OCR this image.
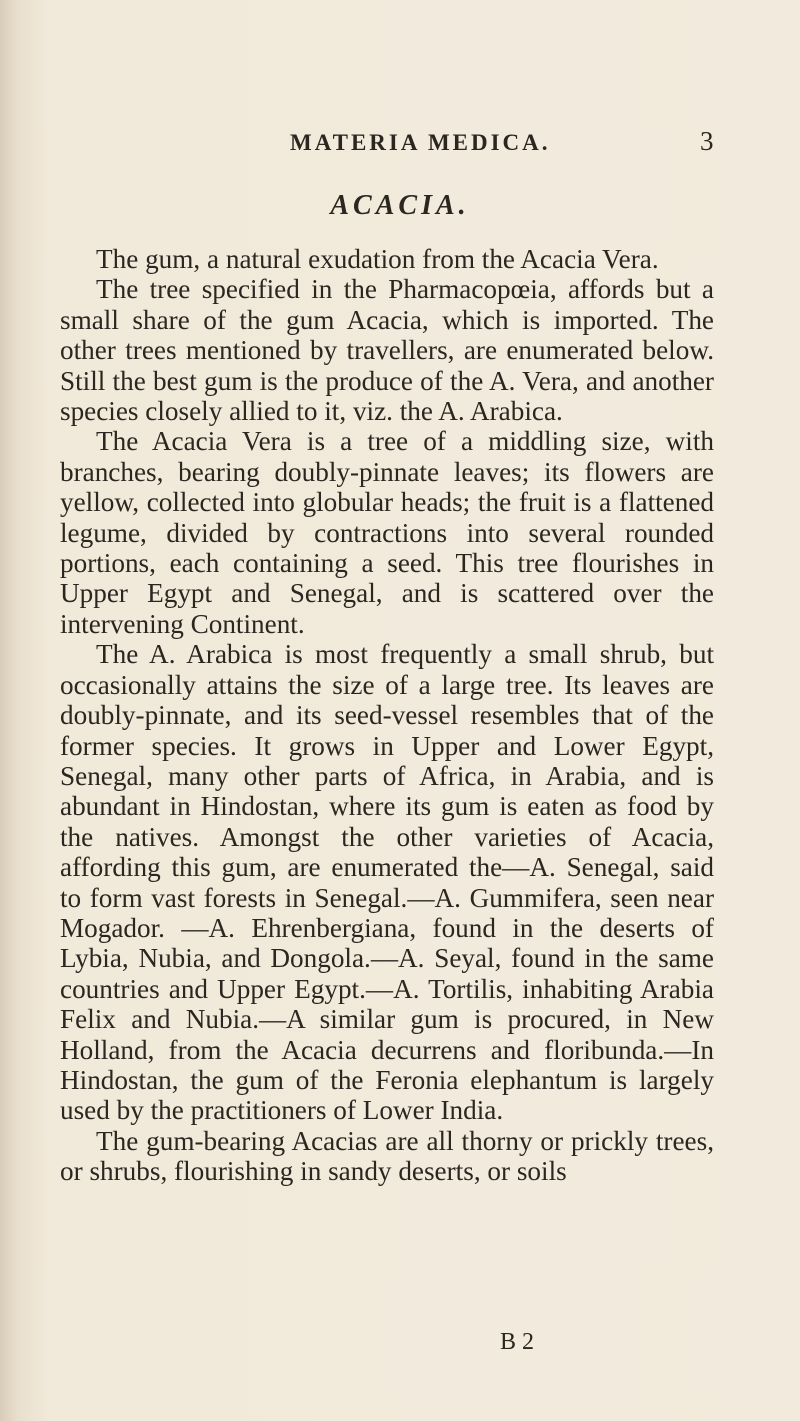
MATERIA MEDICA.	3
ACACIA.

The gum, a natural exudation from the Acacia Vera.

The tree specified in the Pharmacopœia, affords but a small share of the gum Acacia, which is imported. The other trees mentioned by travellers, are enumerated below. Still the best gum is the produce of the A. Vera, and another species closely allied to it, viz. the A. Arabica.

The Acacia Vera is a tree of a middling size, with branches, bearing doubly-pinnate leaves; its flowers are yellow, collected into globular heads; the fruit is a flattened legume, divided by contractions into several rounded portions, each containing a seed. This tree flourishes in Upper Egypt and Senegal, and is scattered over the intervening Continent.

The A. Arabica is most frequently a small shrub, but occasionally attains the size of a large tree. Its leaves are doubly-pinnate, and its seed-vessel resembles that of the former species. It grows in Upper and Lower Egypt, Senegal, many other parts of Africa, in Arabia, and is abundant in Hindostan, where its gum is eaten as food by the natives. Amongst the other varieties of Acacia, affording this gum, are enumerated the—A. Senegal, said to form vast forests in Senegal.—A. Gummifera, seen near Mogador. —A. Ehrenbergiana, found in the deserts of Lybia, Nubia, and Dongola.—A. Seyal, found in the same countries and Upper Egypt.—A. Tortilis, inhabiting Arabia Felix and Nubia.—A similar gum is procured, in New Holland, from the Acacia decurrens and floribunda.—In Hindostan, the gum of the Feronia elephantum is largely used by the practitioners of Lower India.

The gum-bearing Acacias are all thorny or prickly trees, or shrubs, flourishing in sandy deserts, or soils

B 2
